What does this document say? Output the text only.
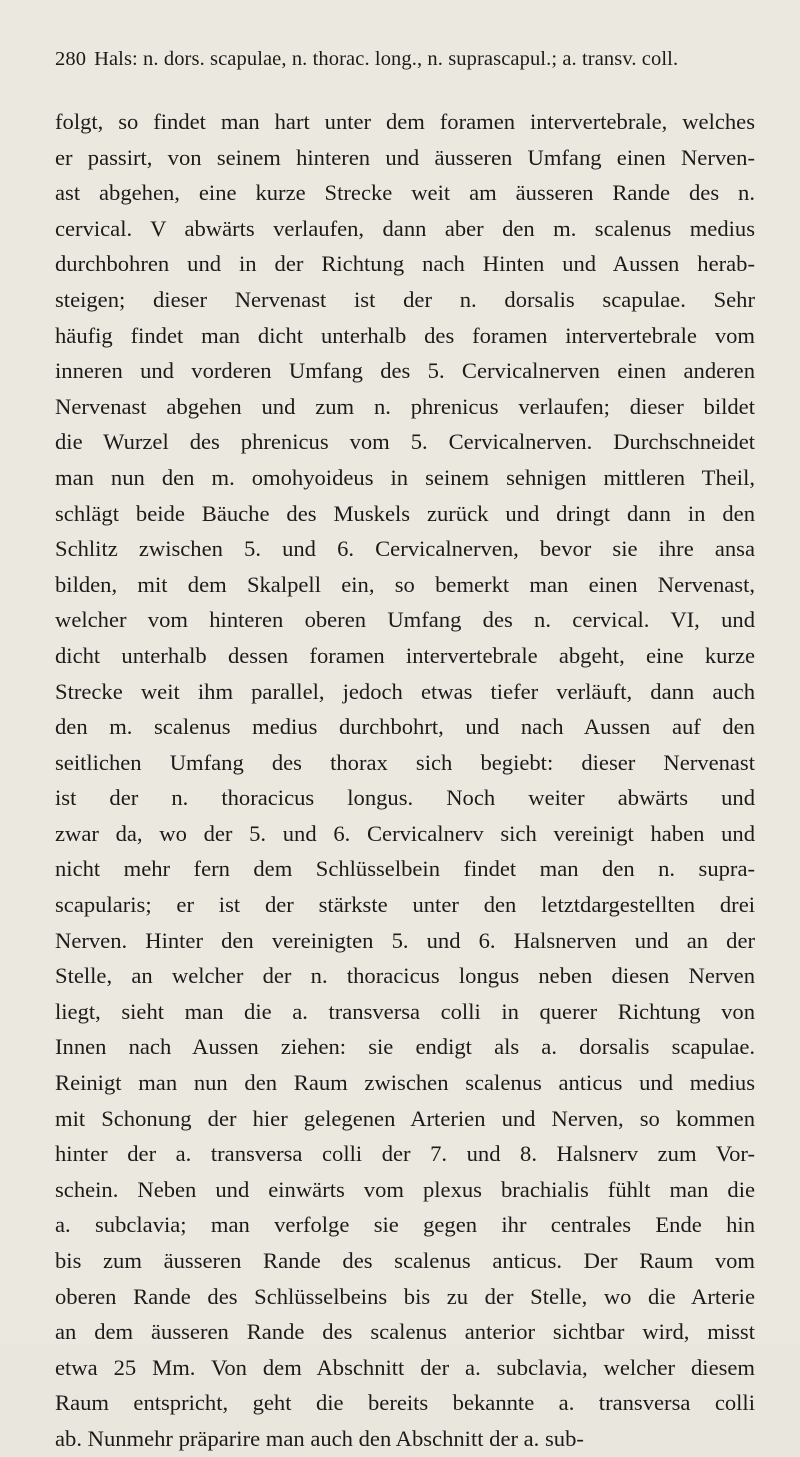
280 Hals: n. dors. scapulae, n. thorac. long., n. suprascapul.; a. transv. coll.
folgt, so findet man hart unter dem foramen intervertebrale, welches
er passirt, von seinem hinteren und äusseren Umfang einen Nerven-
ast abgehen, eine kurze Strecke weit am äusseren Rande des n.
cervical. V abwärts verlaufen, dann aber den m. scalenus medius
durchbohren und in der Richtung nach Hinten und Aussen herab-
steigen; dieser Nervenast ist der n. dorsalis scapulae. Sehr
häufig findet man dicht unterhalb des foramen intervertebrale vom
inneren und vorderen Umfang des 5. Cervicalnerven einen anderen
Nervenast abgehen und zum n. phrenicus verlaufen; dieser bildet
die Wurzel des phrenicus vom 5. Cervicalnerven. Durchschneidet
man nun den m. omohyoideus in seinem sehnigen mittleren Theil,
schlägt beide Bäuche des Muskels zurück und dringt dann in den
Schlitz zwischen 5. und 6. Cervicalnerven, bevor sie ihre ansa
bilden, mit dem Skalpell ein, so bemerkt man einen Nervenast,
welcher vom hinteren oberen Umfang des n. cervical. VI, und
dicht unterhalb dessen foramen intervertebrale abgeht, eine kurze
Strecke weit ihm parallel, jedoch etwas tiefer verläuft, dann auch
den m. scalenus medius durchbohrt, und nach Aussen auf den
seitlichen Umfang des thorax sich begiebt: dieser Nervenast
ist der n. thoracicus longus. Noch weiter abwärts und
zwar da, wo der 5. und 6. Cervicalnerv sich vereinigt haben und
nicht mehr fern dem Schlüsselbein findet man den n. supra-
scapularis; er ist der stärkste unter den letztdargestellten drei
Nerven. Hinter den vereinigten 5. und 6. Halsnerven und an der
Stelle, an welcher der n. thoracicus longus neben diesen Nerven
liegt, sieht man die a. transversa colli in querer Richtung von
Innen nach Aussen ziehen: sie endigt als a. dorsalis scapulae.
Reinigt man nun den Raum zwischen scalenus anticus und medius
mit Schonung der hier gelegenen Arterien und Nerven, so kommen
hinter der a. transversa colli der 7. und 8. Halsnerv zum Vor-
schein. Neben und einwärts vom plexus brachialis fühlt man die
a. subclavia; man verfolge sie gegen ihr centrales Ende hin
bis zum äusseren Rande des scalenus anticus. Der Raum vom
oberen Rande des Schlüsselbeins bis zu der Stelle, wo die Arterie
an dem äusseren Rande des scalenus anterior sichtbar wird, misst
etwa 25 Mm. Von dem Abschnitt der a. subclavia, welcher diesem
Raum entspricht, geht die bereits bekannte a. transversa colli
ab. Nunmehr präparire man auch den Abschnitt der a. sub-
